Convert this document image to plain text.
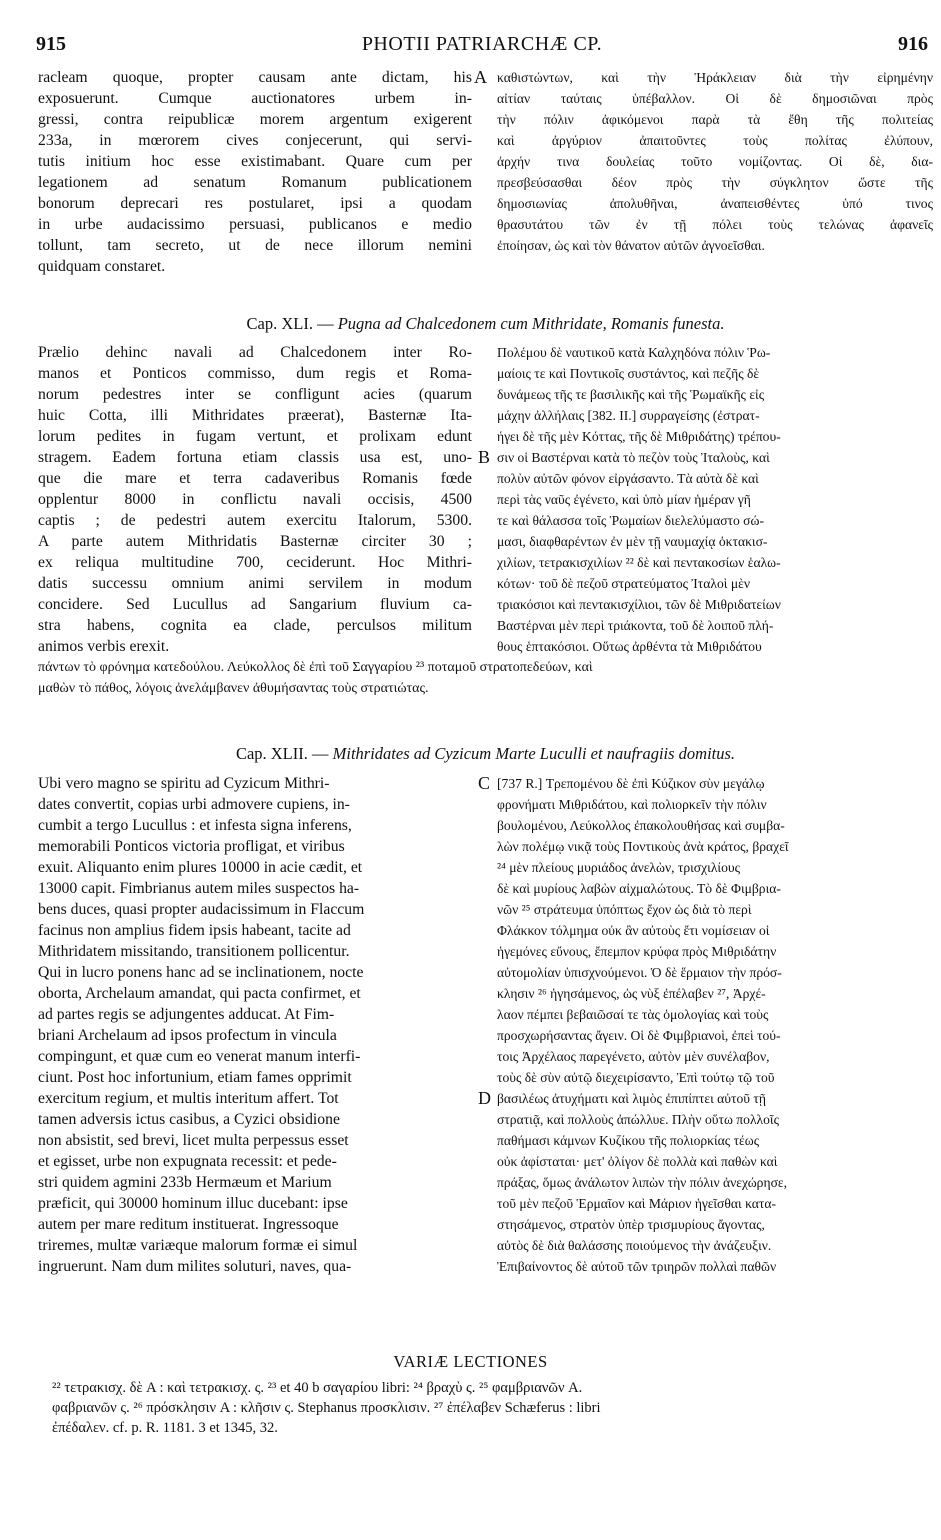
915	PHOTII PATRIARCHÆ CP.	916
racleam quoque, propter causam ante dictam, his
exposuerunt. Cumque auctionatores urbem in-
gressi, contra reipublicæ morem argentum exigerent
233a, in mœrorem cives conjecerunt, qui servi-
tutis initium hoc esse existimabant. Quare cum per
legationem ad senatum Romanum publicationem
bonorum deprecari res postularet, ipsi a quodam
in urbe audacissimo persuasi, publicanos e medio
tollunt, tam secreto, ut de nece illorum nemini
quidquam constaret.
καθιστώντων, καὶ τὴν Ἡράκλειαν διὰ τὴν εἰρημένην
αἰτίαν ταύταις ὑπέβαλλον. Οἱ δὲ δημοσιῶναι πρὸς
τὴν πόλιν ἀφικόμενοι παρὰ τὰ ἔθη τῆς πολιτείας
καὶ ἀργύριον ἀπαιτοῦντες τοὺς πολίτας ἐλύπουν,
ἀρχήν τινα δουλείας τοῦτο νομίζοντας. Οἱ δὲ, δια-
πρεσβεύσασθαι δέον πρὸς τὴν σύγκλητον ὥστε τῆς
δημοσιωνίας ἀπολυθῆναι, ἀναπεισθέντες ὑπό τινος
θρασυτάτου τῶν ἐν τῇ πόλει τοὺς τελώνας ἀφανεῖς
ἐποίησαν, ὡς καὶ τὸν θάνατον αὐτῶν ἀγνοεῖσθαι.
A
Cap. XLI. — Pugna ad Chalcedonem cum Mithridate, Romanis funesta.
Prælio dehinc navali ad Chalcedonem inter Ro-
manos et Ponticos commisso, dum regis et Roma-
norum pedestres inter se confligunt acies (quarum
huic Cotta, illi Mithridates præerat), Basternæ Ita-
lorum pedites in fugam vertunt, et prolixam edunt
stragem. Eadem fortuna etiam classis usa est, uno-
que die mare et terra cadaveribus Romanis fœde
opplentur 8000 in conflictu navali occisis, 4500
captis ; de pedestri autem exercitu Italorum, 5300.
A parte autem Mithridatis Basternæ circiter 30 ;
ex reliqua multitudine 700, ceciderunt. Hoc Mithri-
datis successu omnium animi servilem in modum
concidere. Sed Lucullus ad Sangarium fluvium ca-
stra habens, cognita ea clade, perculsos militum
animos verbis erexit.
Πολέμου δὲ ναυτικοῦ κατὰ Καλχηδόνα πόλιν Ῥω-
μαίοις τε καὶ Ποντικοῖς συστάντος, καὶ πεζῆς δὲ
δυνάμεως τῆς τε βασιλικῆς καὶ τῆς Ῥωμαϊκῆς εἰς
μάχην ἀλλήλαις [382. II.] συρραγείσης (ἐστρατ-
ήγει δὲ τῆς μὲν Κόττας, τῆς δὲ Μιθριδάτης) τρέπου-
σιν οἱ Βαστέρναι κατὰ τὸ πεζὸν τοὺς Ἰταλοὺς, καὶ
πολὺν αὐτῶν φόνον εἰργάσαντο. Τὰ αὐτὰ δὲ καὶ
περὶ τὰς ναῦς ἐγένετο, καὶ ὑπὸ μίαν ἡμέραν γῆ
τε καὶ θάλασσα τοῖς Ῥωμαίων διελελύμαστο σώ-
μασι, διαφθαρέντων ἐν μὲν τῇ ναυμαχίᾳ ὀκτακισ-
χιλίων, τετρακισχιλίων ²² δὲ καὶ πεντακοσίων ἑαλω-
κότων· τοῦ δὲ πεζοῦ στρατεύματος Ἰταλοὶ μὲν
τριακόσιοι καὶ πεντακισχίλιοι, τῶν δὲ Μιθριδατείων
Βαστέρναι μὲν περὶ τριάκοντα, τοῦ δὲ λοιποῦ πλή-
θους ἑπτακόσιοι. Οὕτως ἀρθέντα τὰ Μιθριδάτου
B
πάντων τὸ φρόνημα κατεδούλου. Λεύκολλος δὲ ἐπὶ τοῦ Σαγγαρίου ²³ ποταμοῦ στρατοπεδεύων, καὶ
μαθὼν τὸ πάθος, λόγοις ἀνελάμβανεν ἀθυμήσαντας τοὺς στρατιώτας.
Cap. XLII. — Mithridates ad Cyzicum Marte Luculli et naufragiis domitus.
Ubi vero magno se spiritu ad Cyzicum Mithri-
dates convertit, copias urbi admovere cupiens, in-
cumbit a tergo Lucullus : et infesta signa inferens,
memorabili Ponticos victoria profligat, et viribus
exuit. Aliquanto enim plures 10000 in acie cædit, et
13000 capit. Fimbrianus autem miles suspectos ha-
bens duces, quasi propter audacissimum in Flaccum
facinus non amplius fidem ipsis habeant, tacite ad
Mithridatem missitando, transitionem pollicentur.
Qui in lucro ponens hanc ad se inclinationem, nocte
oborta, Archelaum amandat, qui pacta confirmet, et
ad partes regis se adjungentes adducat. At Fim-
briani Archelaum ad ipsos profectum in vincula
compingunt, et quæ cum eo venerat manum interfi-
ciunt. Post hoc infortunium, etiam fames opprimit
exercitum regium, et multis interitum affert. Tot
tamen adversis ictus casibus, a Cyzici obsidione
non absistit, sed brevi, licet multa perpessus esset
et egisset, urbe non expugnata recessit: et pede-
stri quidem agmini 233b Hermæum et Marium
præficit, qui 30000 hominum illuc ducebant: ipse
autem per mare reditum instituerat. Ingressoque
triremes, multæ variæque malorum formæ ei simul
ingruerunt. Nam dum milites soluturi, naves, qua-
[737 R.] Τρεπομένου δὲ ἐπὶ Κύζικον σὺν μεγάλῳ
φρονήματι Μιθριδάτου, καὶ πολιορκεῖν τὴν πόλιν
βουλομένου, Λεύκολλος ἐπακολουθήσας καὶ συμβα-
λὼν πολέμῳ νικᾷ τοὺς Ποντικοὺς ἀνὰ κράτος, βραχεῖ
²⁴ μὲν πλείους μυριάδος ἀνελὼν, τρισχιλίους
δὲ καὶ μυρίους λαβὼν αἰχμαλώτους. Τὸ δὲ Φιμβρια-
νῶν ²⁵ στράτευμα ὑπόπτως ἔχον ὡς διὰ τὸ περὶ
Φλάκκον τόλμημα οὐκ ἂν αὐτοὺς ἔτι νομίσειαν οἱ
ἡγεμόνες εὔνους, ἔπεμπον κρύφα πρὸς Μιθριδάτην
αὐτομολίαν ὑπισχνούμενοι. Ὁ δὲ ἕρμαιον τὴν πρόσ-
κλησιν ²⁶ ἡγησάμενος, ὡς νὺξ ἐπέλαβεν ²⁷, Ἀρχέ-
λαον πέμπει βεβαιῶσαί τε τὰς ὁμολογίας καὶ τοὺς
προσχωρήσαντας ἄγειν. Οἱ δὲ Φιμβριανοὶ, ἐπεὶ τού-
τοις Ἀρχέλαος παρεγένετο, αὐτὸν μὲν συνέλαβον,
τοὺς δὲ σὺν αὐτῷ διεχειρίσαντο, Ἐπὶ τούτῳ τῷ τοῦ
βασιλέως ἀτυχήματι καὶ λιμὸς ἐπιπίπτει αὐτοῦ τῇ
στρατιᾷ, καὶ πολλοὺς ἀπώλλυε. Πλὴν οὕτω πολλοῖς
παθήμασι κάμνων Κυζίκου τῆς πολιορκίας τέως
οὐκ ἀφίσταται· μετ' ὀλίγον δὲ πολλὰ καὶ παθὼν καὶ
πράξας, ὅμως ἀνάλωτον λιπὼν τὴν πόλιν ἀνεχώρησε,
τοῦ μὲν πεζοῦ Ἑρμαῖον καὶ Μάριον ἡγεῖσθαι κατα-
στησάμενος, στρατὸν ὑπὲρ τρισμυρίους ἄγοντας,
αὐτὸς δὲ διὰ θαλάσσης ποιούμενος τὴν ἀνάζευξιν.
Ἐπιβαίνοντος δὲ αὐτοῦ τῶν τριηρῶν πολλαὶ παθῶν
C
D
VARIÆ LECTIONES
²² τετρακισχ. δὲ A : καὶ τετρακισχ. ς. ²³ et 40 b σαγαρίου libri: ²⁴ βραχὺ ς. ²⁵ φαμβριανῶν A.
φαβριανῶν ς. ²⁶ πρόσκλησιν A : κλῆσιν ς. Stephanus προσκλισιν. ²⁷ ἐπέλαβεν Schæferus : libri
ἐπέδαλεν. cf. p. R. 1181. 3 et 1345, 32.
